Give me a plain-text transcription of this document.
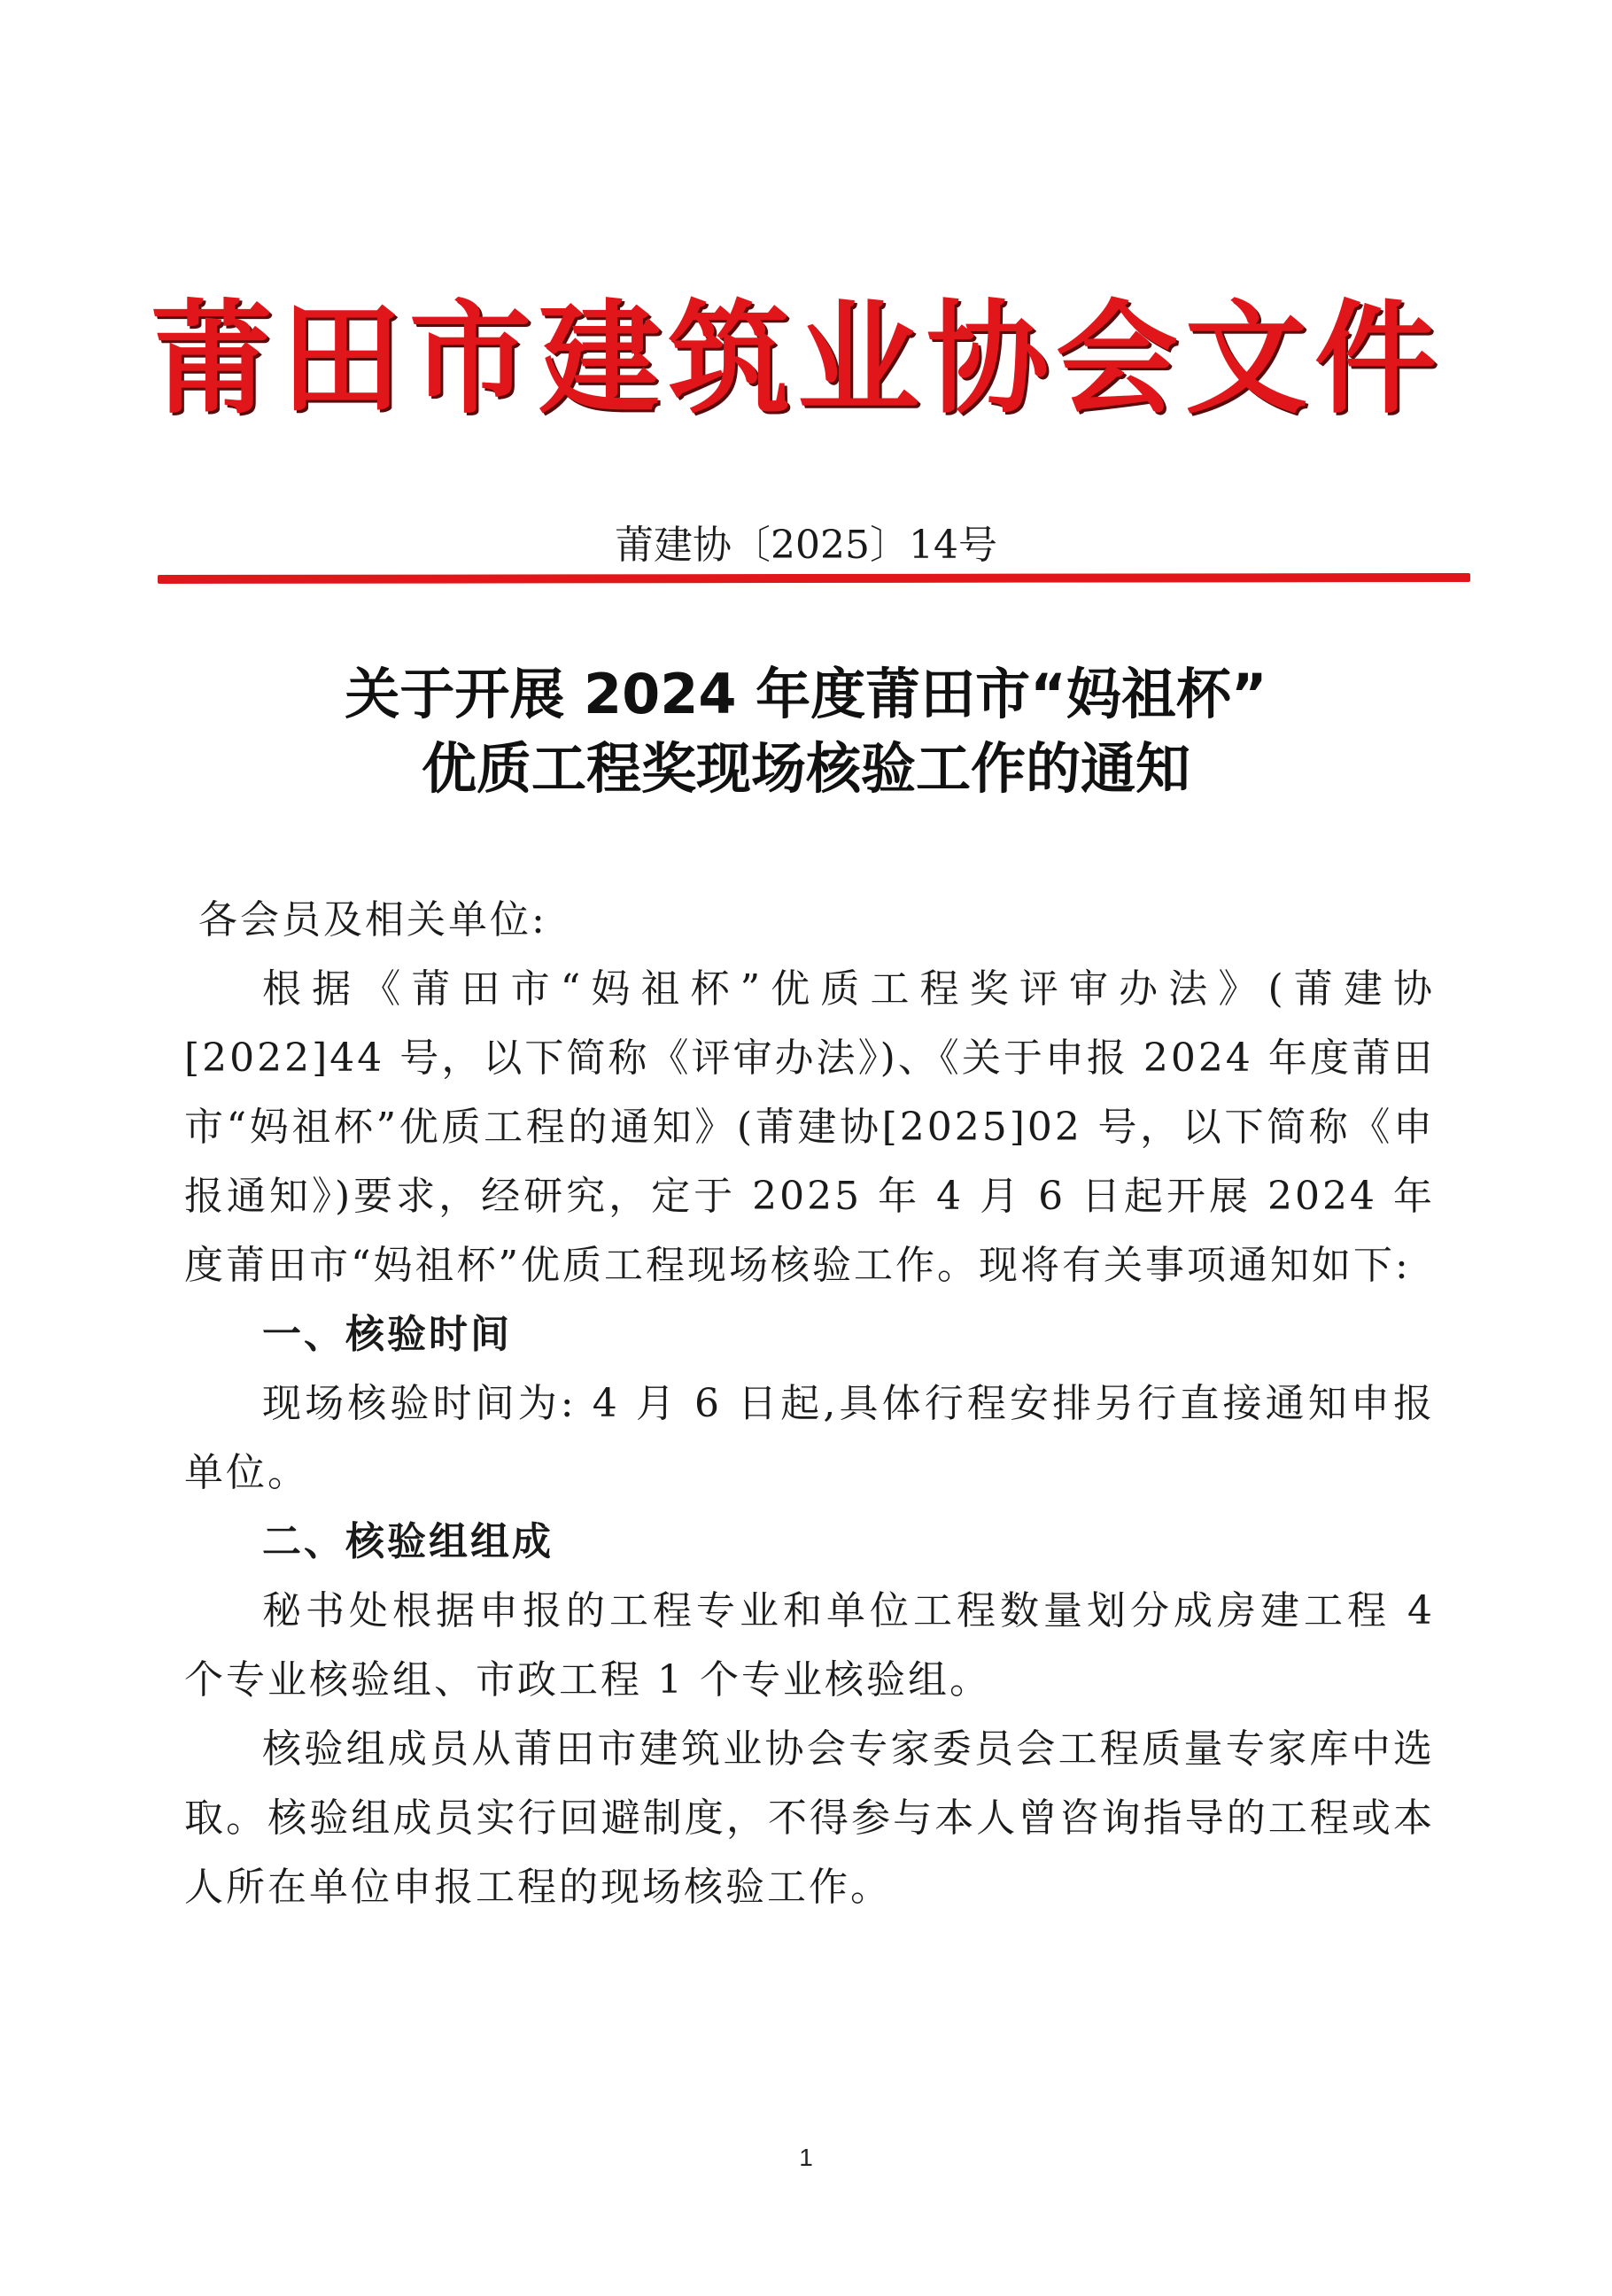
莆田市建筑业协会文件
莆建协〔2025〕14号
关于开展 2024 年度莆田市“妈祖杯”
优质工程奖现场核验工作的通知

各会员及相关单位:

根据《莆田市“妈祖杯”优质工程奖评审办法》(莆建协[2022]44 号，以下简称《评审办法》)、《关于申报 2024 年度莆田市“妈祖杯”优质工程的通知》(莆建协[2025]02 号，以下简称《申报通知》)要求，经研究，定于 2025 年 4 月 6 日起开展 2024 年度莆田市“妈祖杯”优质工程现场核验工作。现将有关事项通知如下:

一、核验时间

现场核验时间为: 4 月 6 日起,具体行程安排另行直接通知申报单位。

二、核验组组成

秘书处根据申报的工程专业和单位工程数量划分成房建工程 4 个专业核验组、市政工程 1 个专业核验组。

核验组成员从莆田市建筑业协会专家委员会工程质量专家库中选取。核验组成员实行回避制度，不得参与本人曾咨询指导的工程或本人所在单位申报工程的现场核验工作。

1
